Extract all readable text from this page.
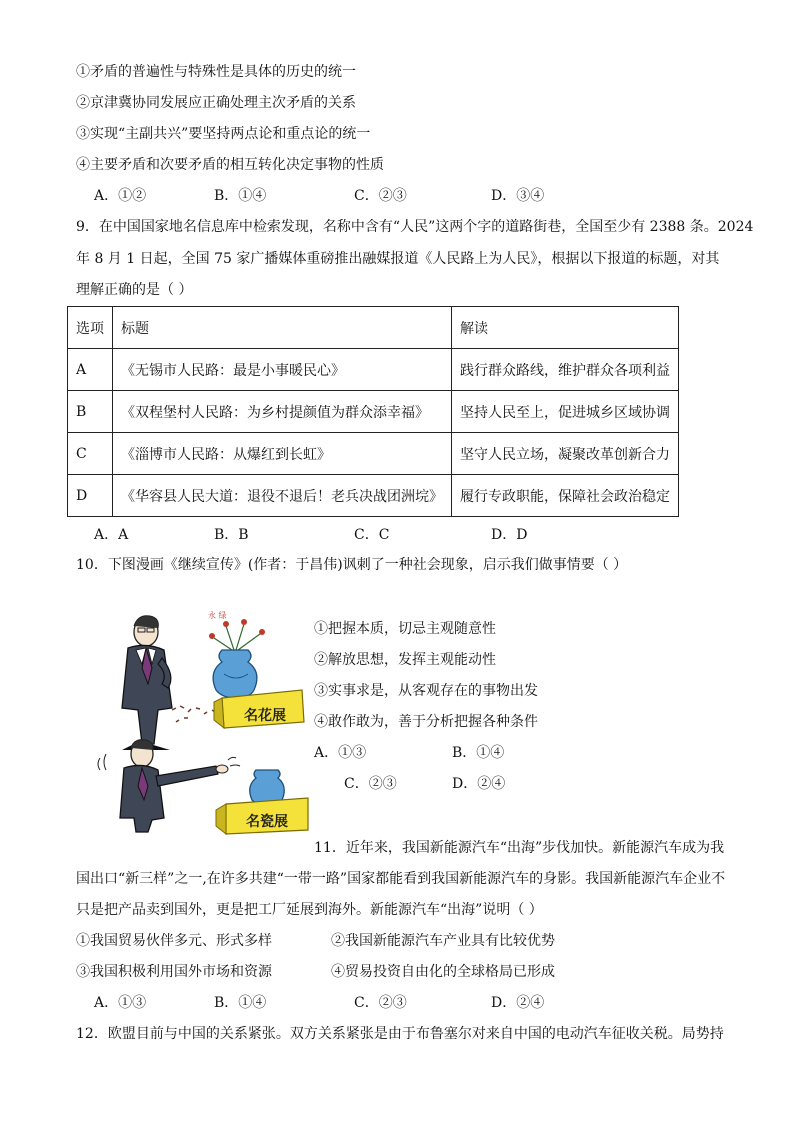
①矛盾的普遍性与特殊性是具体的历史的统一
②京津冀协同发展应正确处理主次矛盾的关系
③实现“主副共兴”要坚持两点论和重点论的统一
④主要矛盾和次要矛盾的相互转化决定事物的性质
A．①②	B．①④	C．②③	D．③④
9．在中国国家地名信息库中检索发现，名称中含有“人民”这两个字的道路街巷，全国至少有 2388 条。2024
年 8 月 1 日起，全国 75 家广播媒体重磅推出融媒报道《人民路上为人民》，根据以下报道的标题，对其
理解正确的是（ ）
选项	标题	解读
A	《无锡市人民路：最是小事暖民心》	践行群众路线，维护群众各项利益
B	《双程堡村人民路：为乡村提颜值为群众添幸福》	坚持人民至上，促进城乡区域协调
C	《淄博市人民路：从爆红到长虹》	坚守人民立场，凝聚改革创新合力
D	《华容县人民大道：退役不退后！老兵决战团洲垸》	履行专政职能，保障社会政治稳定
A．A	B．B	C．C	D．D
10．下图漫画《继续宣传》(作者：于昌伟)讽刺了一种社会现象，启示我们做事情要（ ）
永 绿
名花展
名瓷展
①把握本质，切忌主观随意性
②解放思想，发挥主观能动性
③实事求是，从客观存在的事物出发
④敢作敢为，善于分析把握各种条件
A．①③	B．①④
C．②③	D．②④
11．近年来，我国新能源汽车“出海”步伐加快。新能源汽车成为我
国出口“新三样”之一,在许多共建“一带一路”国家都能看到我国新能源汽车的身影。我国新能源汽车企业不
只是把产品卖到国外，更是把工厂延展到海外。新能源汽车“出海”说明（ ）
①我国贸易伙伴多元、形式多样	②我国新能源汽车产业具有比较优势
③我国积极利用国外市场和资源	④贸易投资自由化的全球格局已形成
A．①③	B．①④	C．②③	D．②④
12．欧盟目前与中国的关系紧张。双方关系紧张是由于布鲁塞尔对来自中国的电动汽车征收关税。局势持
